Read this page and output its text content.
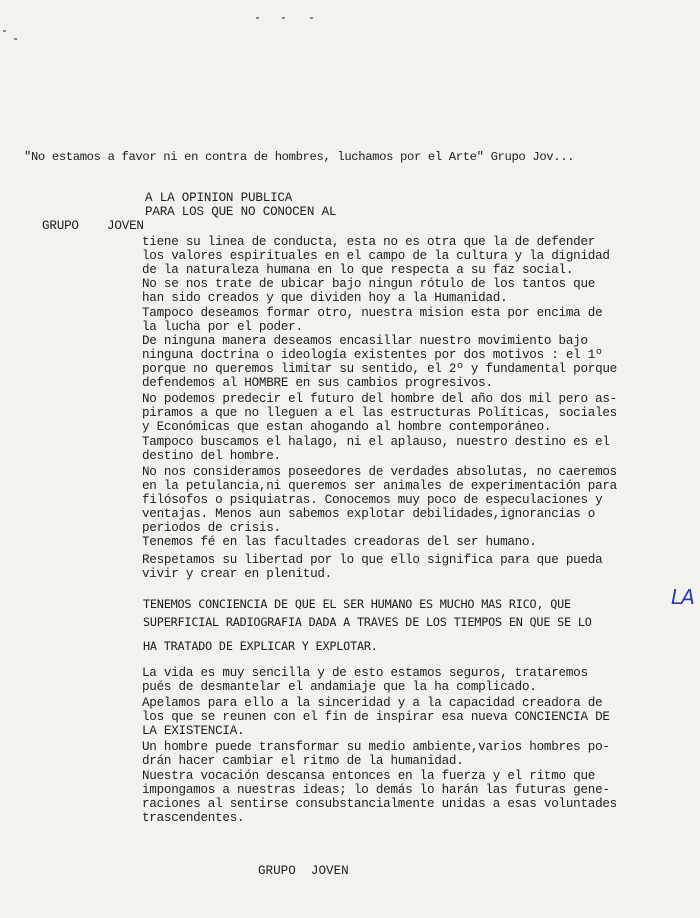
"No estamos a favor ni en contra de hombres, luchamos por el Arte" Grupo Jov...
A LA OPINION PUBLICA
PARA LOS QUE NO CONOCEN AL
GRUPO JOVEN
tiene su linea de conducta, esta no es otra que la de defender
los valores espirituales en el campo de la cultura y la dignidad
de la naturaleza humana en lo que respecta a su faz social.
No se nos trate de ubicar bajo ningun rótulo de los tantos que
han sido creados y que dividen hoy a la Humanidad.
Tampoco deseamos formar otro, nuestra mision esta por encima de
la lucha por el poder.
De ninguna manera deseamos encasillar nuestro movimiento bajo
ninguna doctrina o ideología existentes por dos motivos : el 1º
porque no queremos limitar su sentido, el 2º y fundamental porque
defendemos al HOMBRE en sus cambios progresivos.
No podemos predecir el futuro del hombre del año dos mil pero as-
piramos a que no lleguen a el las estructuras Políticas, sociales
y Económicas que estan ahogando al hombre contemporáneo.
Tampoco buscamos el halago, ni el aplauso, nuestro destino es el
destino del hombre.
No nos consideramos poseedores de verdades absolutas, no caeremos
en la petulancia,ni queremos ser animales de experimentación para
filósofos o psiquiatras. Conocemos muy poco de especulaciones y
ventajas. Menos aun sabemos explotar debilidades,ignorancias o
periodos de crisis.
Tenemos fé en las facultades creadoras del ser humano.
Respetamos su libertad por lo que ello significa para que pueda
vivir y crear en plenitud.
TENEMOS CONCIENCIA DE QUE EL SER HUMANO ES MUCHO MAS RICO, QUE
SUPERFICIAL RADIOGRAFIA DADA A TRAVES DE LOS TIEMPOS EN QUE SE LO
HA TRATADO DE EXPLICAR Y EXPLOTAR.
LA
La vida es muy sencilla y de esto estamos seguros, trataremos
pués de desmantelar el andamiaje que la ha complicado.
Apelamos para ello a la sinceridad y a la capacidad creadora de
los que se reunen con el fin de inspirar esa nueva CONCIENCIA DE
LA EXISTENCIA.
Un hombre puede transformar su medio ambiente,varios hombres po-
drán hacer cambiar el ritmo de la humanidad.
Nuestra vocación descansa entonces en la fuerza y el ritmo que
impongamos a nuestras ideas; lo demás lo harán las futuras gene-
raciones al sentirse consubstancialmente unidas a esas voluntades
trascendentes.
GRUPO  JOVEN
